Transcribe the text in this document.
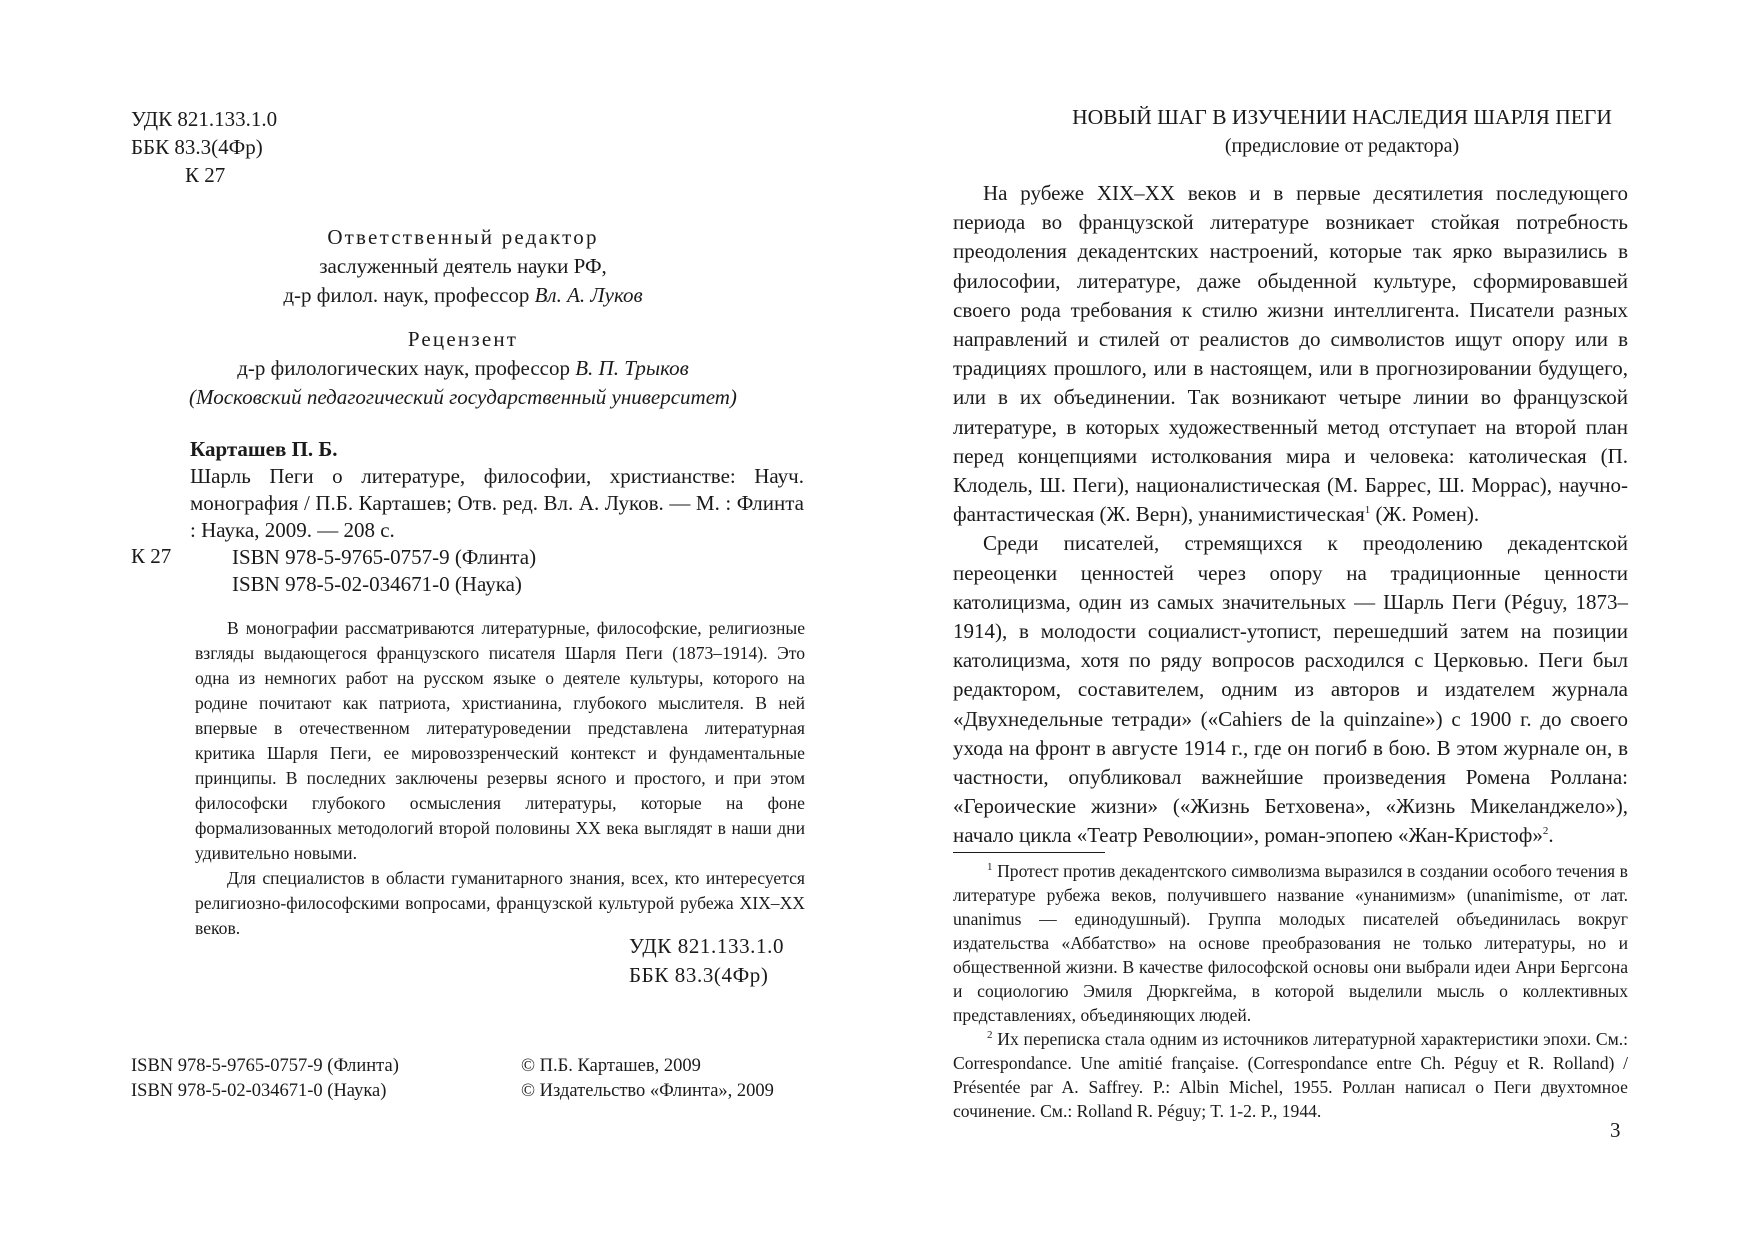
УДК 821.133.1.0
ББК 83.3(4Фр)
К 27
Ответственный редактор
заслуженный деятель науки РФ,
д-р филол. наук, профессор Вл. А. Луков
Рецензент
д-р филологических наук, профессор В. П. Трыков
(Московский педагогический государственный университет)
Карташев П. Б.
К 27
Шарль Пеги о литературе, философии, христианстве: Науч. монография / П.Б. Карташев; Отв. ред. Вл. А. Луков. — М. : Флинта : Наука, 2009. — 208 с.
ISBN 978-5-9765-0757-9 (Флинта)
ISBN 978-5-02-034671-0 (Наука)

В монографии рассматриваются литературные, философские, религиозные взгляды выдающегося французского писателя Шарля Пеги (1873–1914). Это одна из немногих работ на русском языке о деятеле культуры, которого на родине почитают как патриота, христианина, глубокого мыслителя. В ней впервые в отечественном литературоведении представлена литературная критика Шарля Пеги, ее мировоззренческий контекст и фундаментальные принципы. В последних заключены резервы ясного и простого, и при этом философски глубокого осмысления литературы, которые на фоне формализованных методологий второй половины XX века выглядят в наши дни удивительно новыми.

Для специалистов в области гуманитарного знания, всех, кто интересуется религиозно-философскими вопросами, французской культурой рубежа XIX–XX веков.

УДК 821.133.1.0
ББК 83.3(4Фр)
ISBN 978-5-9765-0757-9 (Флинта)
ISBN 978-5-02-034671-0 (Наука)
© П.Б. Карташев, 2009
© Издательство «Флинта», 2009
НОВЫЙ ШАГ В ИЗУЧЕНИИ НАСЛЕДИЯ ШАРЛЯ ПЕГИ
(предисловие от редактора)

На рубеже XIX–XX веков и в первые десятилетия последующего периода во французской литературе возникает стойкая потребность преодоления декадентских настроений, которые так ярко выразились в философии, литературе, даже обыденной культуре, сформировавшей своего рода требования к стилю жизни интеллигента. Писатели разных направлений и стилей от реалистов до символистов ищут опору или в традициях прошлого, или в настоящем, или в прогнозировании будущего, или в их объединении. Так возникают четыре линии во французской литературе, в которых художественный метод отступает на второй план перед концепциями истолкования мира и человека: католическая (П. Клодель, Ш. Пеги), националистическая (М. Баррес, Ш. Моррас), научно-фантастическая (Ж. Верн), унанимистическая$^1$ (Ж. Ромен).

Среди писателей, стремящихся к преодолению декадентской переоценки ценностей через опору на традиционные ценности католицизма, один из самых значительных — Шарль Пеги (Péguy, 1873–1914), в молодости социалист-утопист, перешедший затем на позиции католицизма, хотя по ряду вопросов расходился с Церковью. Пеги был редактором, составителем, одним из авторов и издателем журнала «Двухнедельные тетради» («Cahiers de la quinzaine») с 1900 г. до своего ухода на фронт в августе 1914 г., где он погиб в бою. В этом журнале он, в частности, опубликовал важнейшие произведения Ромена Роллана: «Героические жизни» («Жизнь Бетховена», «Жизнь Микеланджело»), начало цикла «Театр Революции», роман-эпопею «Жан-Кристоф»$^2$.

$^1$ Протест против декадентского символизма выразился в создании особого течения в литературе рубежа веков, получившего название «унанимизм» (unanimisme, от лат. unanimus — единодушный). Группа молодых писателей объединилась вокруг издательства «Аббатство» на основе преобразования не только литературы, но и общественной жизни. В качестве философской основы они выбрали идеи Анри Бергсона и социологию Эмиля Дюркгейма, в которой выделили мысль о коллективных представлениях, объединяющих людей.

$^2$ Их переписка стала одним из источников литературной характеристики эпохи. См.: Correspondance. Une amitié française. (Correspondance entre Ch. Péguy et R. Rolland) / Présentée par A. Saffrey. P.: Albin Michel, 1955. Роллан написал о Пеги двухтомное сочинение. См.: Rolland R. Péguy; T. 1-2. P., 1944.

3
